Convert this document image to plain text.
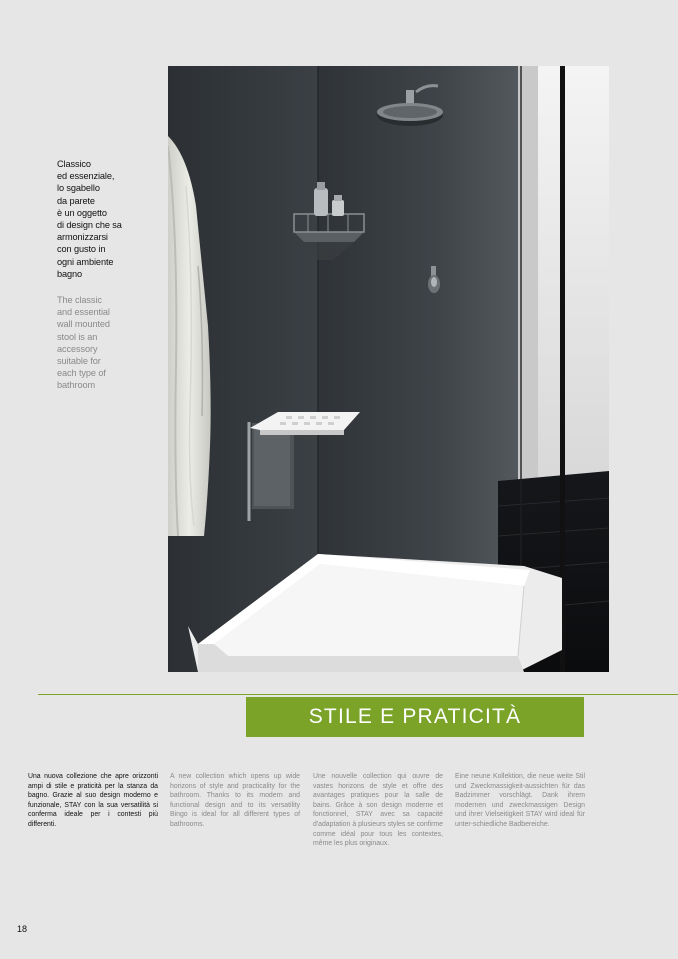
Classico
ed essenziale,
lo sgabello
da parete
è un oggetto
di design che sa
armonizzarsi
con gusto in
ogni ambiente
bagno
The classic
and essential
wall mounted
stool is an
accessory
suitable for
each type of
bathroom
STILE E PRATICITÀ
Una nuova collezione che apre orizzonti ampi di stile e praticità per la stanza da bagno. Grazie al suo design moderno e funzionale, STAY con la sua versatilità si conferma ideale per i contesti più differenti.
A new collection which opens up wide horizons of style and practicality for the bathroom. Thanks to its modern and functional design and to its versatility Bingo is ideal for all different types of bathrooms.
Une nouvelle collection qui ouvre de vastes horizons de style et offre des avantages pratiques pour la salle de bains. Grâce à son design moderne et fonctionnel, STAY avec sa capacité d'adaptation à plusieurs styles se confirme comme idéal pour tous les contextes, même les plus originaux.
Eine neune Kollektion, die neue weite Stil und Zweckmassigkeit-aussichten für das Badzimmer vorschlägt. Dank ihrem modernen und zweckmassigen Design und ihrer Vielseitigkeit STAY wird ideal für unter-schiedliche Badbereiche.
18
